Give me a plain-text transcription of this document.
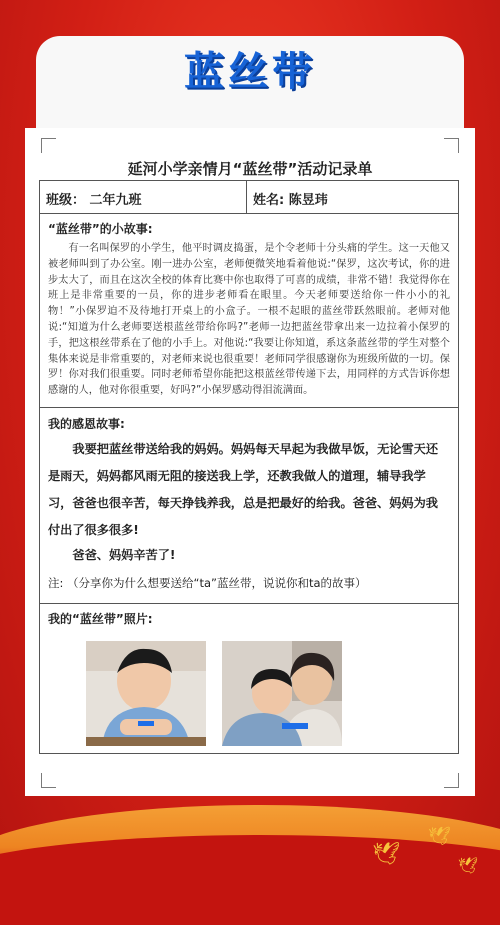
🕊
🕊
🕊
蓝丝带
延河小学亲情月“蓝丝带”活动记录单
班级： 二年九班	姓名: 陈昱玮
“蓝丝带”的小故事:
有一名叫保罗的小学生，他平时调皮捣蛋，是个令老师十分头痛的学生。这一天他又被老师叫到了办公室。刚一进办公室，老师便微笑地看着他说:“保罗，这次考试，你的进步太大了，而且在这次全校的体育比赛中你也取得了可喜的成绩，非常不错！我觉得你在班上是非常重要的一员，你的进步老师看在眼里。今天老师要送给你一件小小的礼物！”小保罗迫不及待地打开桌上的小盒子。一根不起眼的蓝丝带跃然眼前。老师对他说:“知道为什么老师要送根蓝丝带给你吗?”老师一边把蓝丝带拿出来一边拉着小保罗的手，把这根丝带系在了他的小手上。对他说:“我要让你知道，系这条蓝丝带的学生对整个集体来说是非常重要的，对老师来说也很重要！老师同学很感谢你为班级所做的一切。保罗！你对我们很重要。同时老师希望你能把这根蓝丝带传递下去，用同样的方式告诉你想感谢的人，他对你很重要，好吗?”小保罗感动得泪流满面。
我的感恩故事:
我要把蓝丝带送给我的妈妈。妈妈每天早起为我做早饭，无论雪天还是雨天，妈妈都风雨无阻的接送我上学，还教我做人的道理，辅导我学习，爸爸也很辛苦，每天挣钱养我，总是把最好的给我。爸爸、妈妈为我付出了很多很多!
爸爸、妈妈辛苦了!
注: （分享你为什么想要送给“ta”蓝丝带，说说你和ta的故事）
我的“蓝丝带”照片:
